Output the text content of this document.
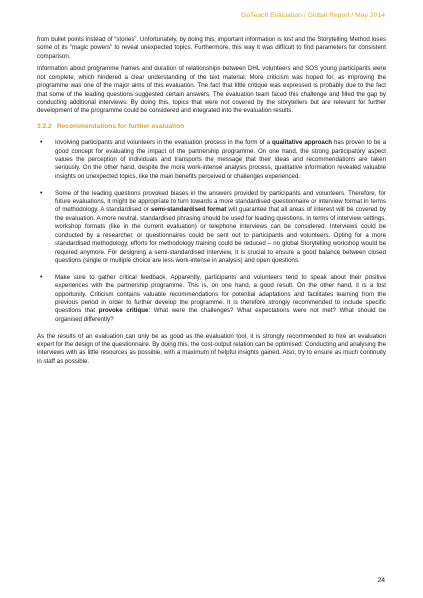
GoTeach Evaluation / Global Report / May 2014

from bullet points instead of “stories”. Unfortunately, by doing this, important information is lost and the Storytelling Method loses some of its “magic powers” to reveal unexpected topics. Furthermore, this way it was difficult to find parameters for consistent comparison.

Information about programme frames and duration of relationships between DHL volunteers and SOS young participants were not complete, which hindered a clear understanding of the text material. More criticism was hoped for, as improving the programme was one of the major aims of this evaluation. The fact that little critique was expressed is probably due to the fact that some of the leading questions suggested certain answers. The evaluation team faced this challenge and filled the gap by conducting additional interviews. By doing this, topics that were not covered by the storytellers but are relevant for further development of the programme could be considered and integrated into the evaluation results.

3.2.2 Recommendations for further evaluation
• Involving participants and volunteers in the evaluation process in the form of a qualitative approach has proven to be a good concept for evaluating the impact of the partnership programme. On one hand, the strong participatory aspect values the perception of individuals and transports the message that their ideas and recommendations are taken seriously. On the other hand, despite the more work-intense analysis process, qualitative information revealed valuable insights on unexpected topics, like the main benefits perceived or challenges experienced.
• Some of the leading questions provoked biases in the answers provided by participants and volunteers. Therefore, for future evaluations, it might be appropriate to turn towards a more standardised questionnaire or interview format in terms of methodology. A standardised or semi-standardised format will guarantee that all areas of interest will be covered by the evaluation. A more neutral, standardised phrasing should be used for leading questions. In terms of interview settings, workshop formats (like in the current evaluation) or telephone interviews can be considered. Interviews could be conducted by a researcher, or questionnaires could be sent out to participants and volunteers. Opting for a more standardised methodology, efforts for methodology training could be reduced – no global Storytelling workshop would be required anymore. For designing a semi-standardised interview, it is crucial to ensure a good balance between closed questions (single or multiple choice are less work-intense in analysis) and open questions.
• Make sure to gather critical feedback. Apparently, participants and volunteers tend to speak about their positive experiences with the partnership programme. This is, on one hand, a good result. On the other hand, it is a lost opportunity. Criticism contains valuable recommendations for potential adaptations and facilitates learning from the previous period in order to further develop the programme. It is therefore strongly recommended to include specific questions that provoke critique: What were the challenges? What expectations were not met? What should be organised differently?

As the results of an evaluation can only be as good as the evaluation tool, it is strongly recommended to hire an evaluation expert for the design of the questionnaire. By doing this, the cost-output relation can be optimised: Conducting and analysing the interviews with as little resources as possible, with a maximum of helpful insights gained. Also, try to ensure as much continuity in staff as possible.

24
